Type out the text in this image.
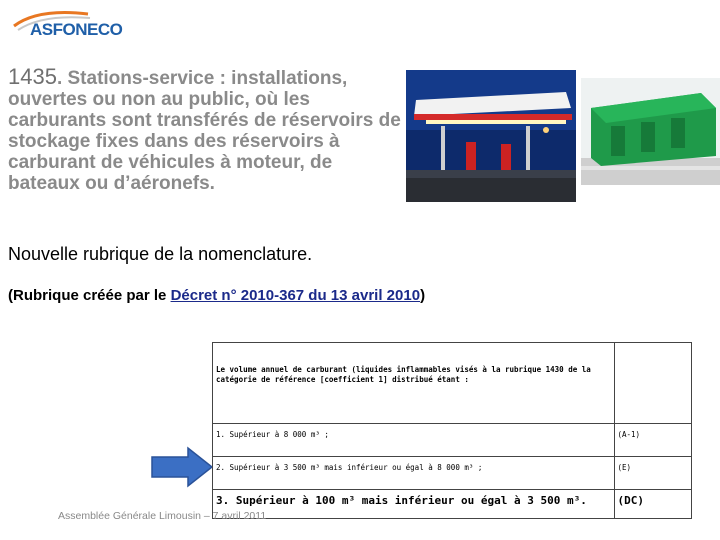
ASFONECO
1435. Stations-service : installations, ouvertes ou non au public, où les carburants sont transférés de réservoirs de stockage fixes dans des réservoirs à carburant de véhicules à moteur, de bateaux ou d’aéronefs.
Nouvelle rubrique de la nomenclature.
(Rubrique créée par le Décret n° 2010-367 du 13 avril 2010)
Le volume annuel de carburant (liquides inflammables visés à la rubrique 1430 de la catégorie de référence [coefficient 1] distribué étant :	
1. Supérieur à 8 000 m³ ;	(A-1)
2. Supérieur à 3 500 m³ mais inférieur ou égal à 8 000 m³ ;	(E)
3. Supérieur à 100 m³ mais inférieur ou égal à 3 500 m³.	(DC)
Assemblée Générale Limousin – 7 avril 2011
